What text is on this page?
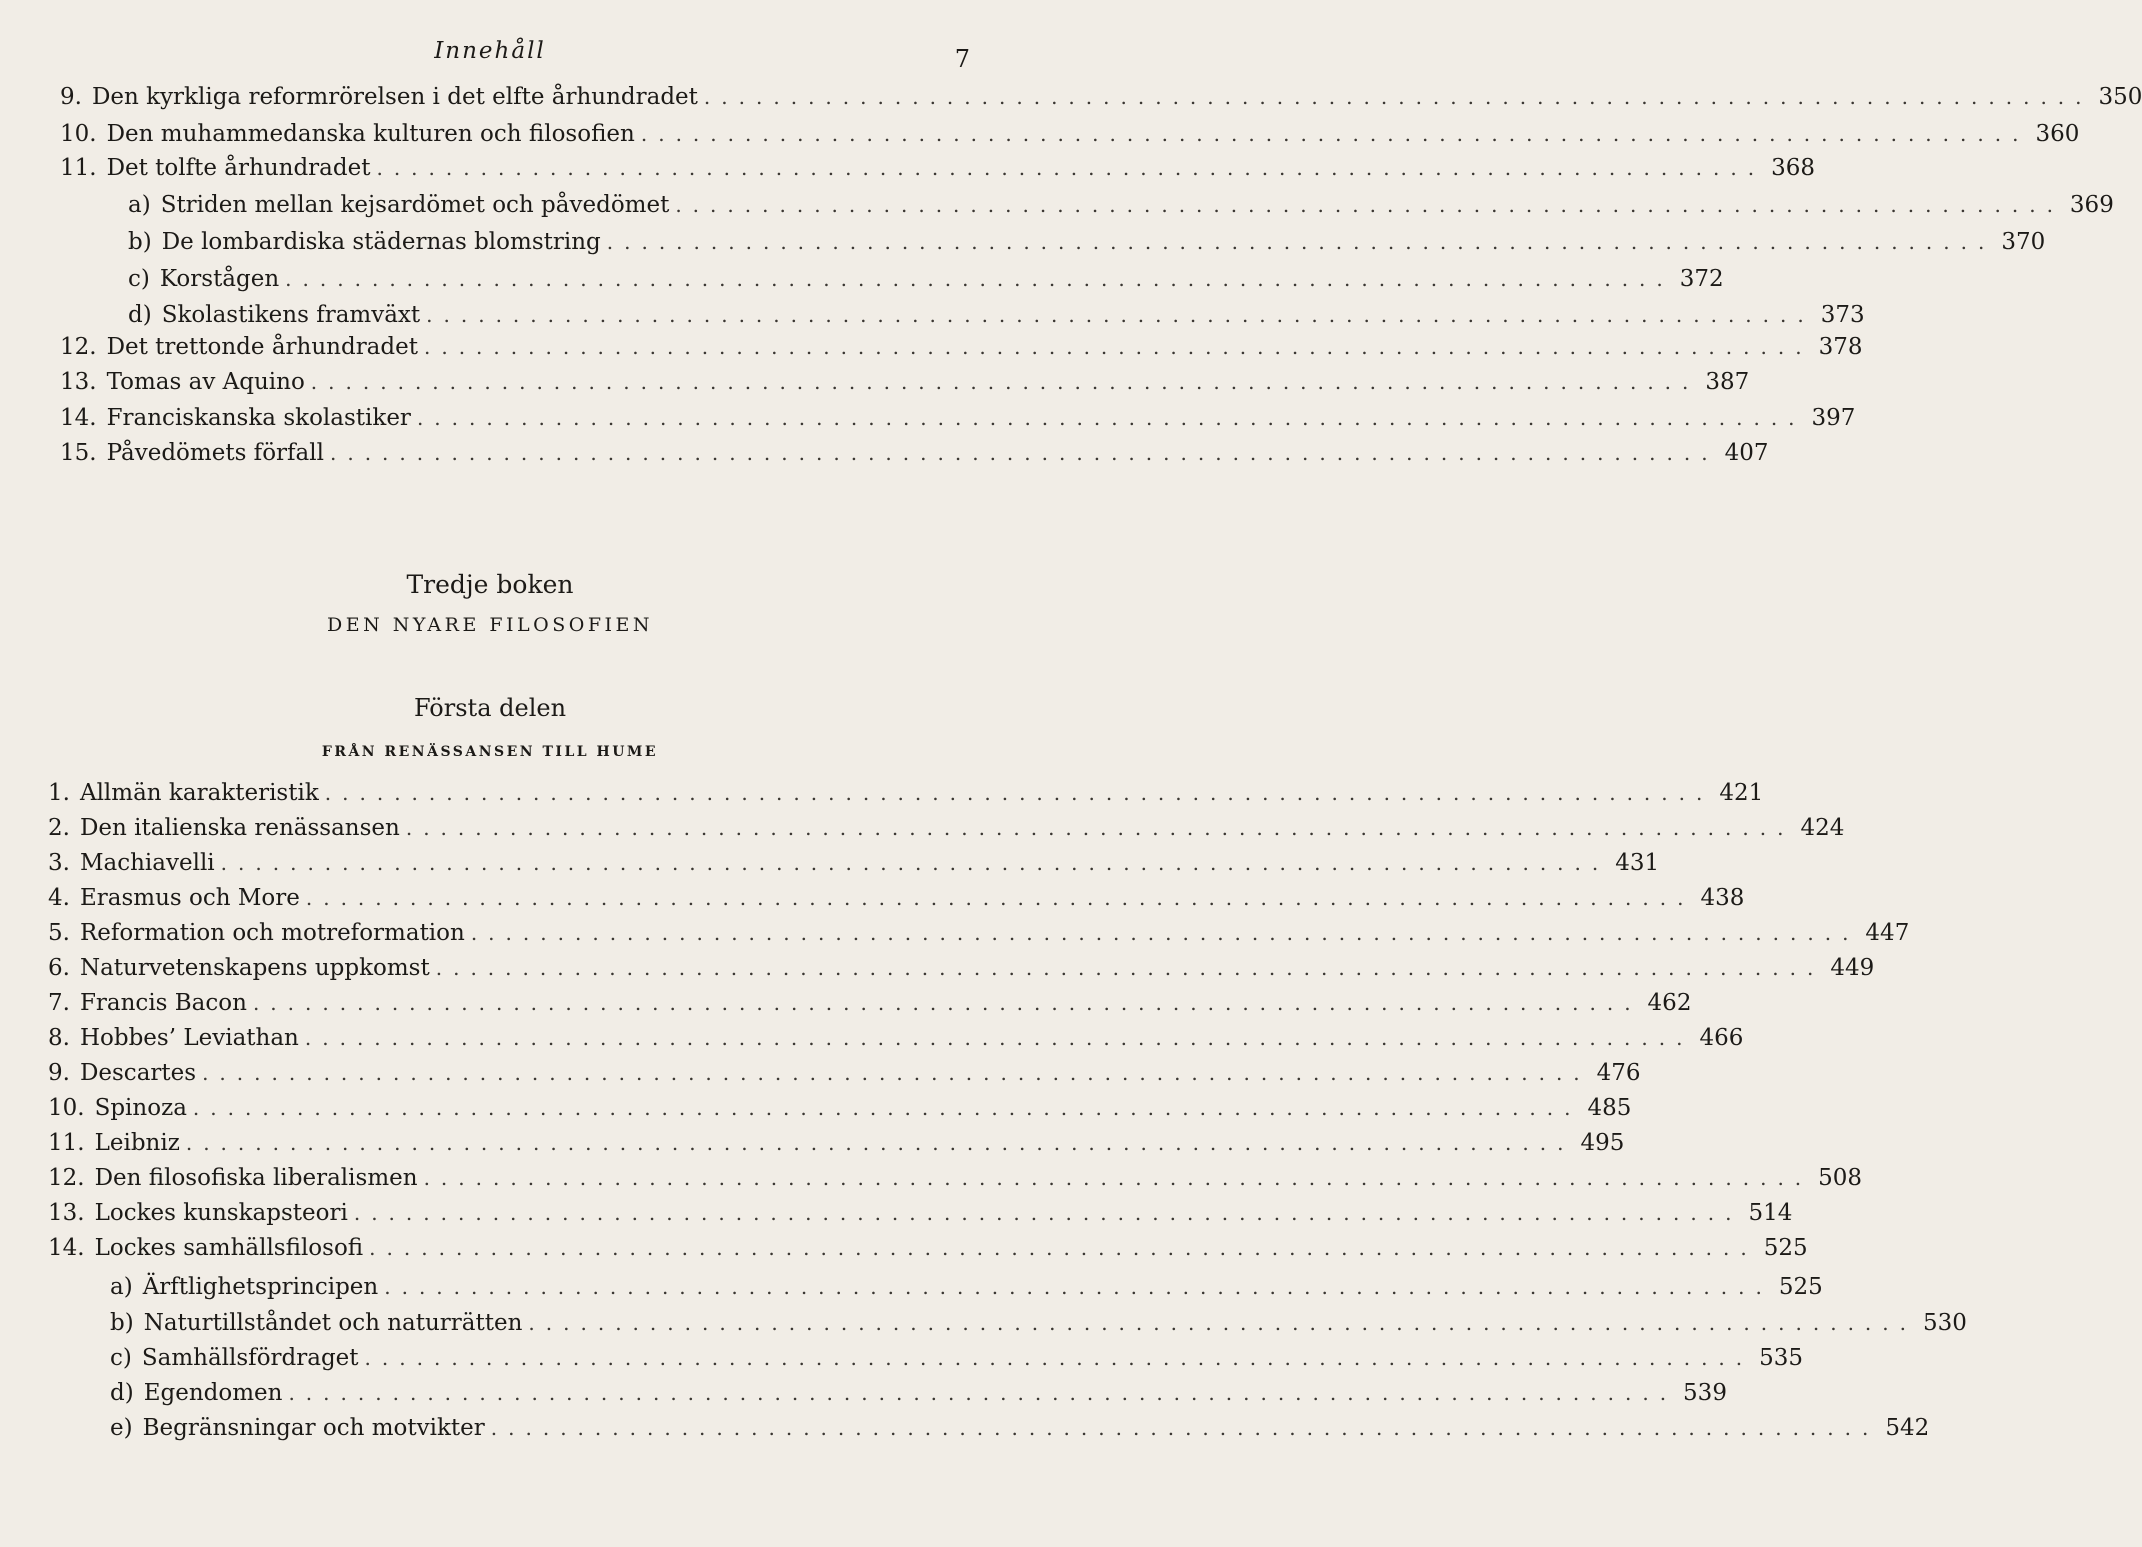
Innehåll	7
9. Den kyrkliga reformrörelsen i det elfte århundradet ................................................................................ 350
10. Den muhammedanska kulturen och filosofien ................................................................................ 360
11. Det tolfte århundradet ................................................................................ 368
a) Striden mellan kejsardömet och påvedömet ................................................................................ 369
b) De lombardiska städernas blomstring ................................................................................ 370
c) Korstågen ................................................................................ 372
d) Skolastikens framväxt ................................................................................ 373
12. Det trettonde århundradet ................................................................................ 378
13. Tomas av Aquino ................................................................................ 387
14. Franciskanska skolastiker ................................................................................ 397
15. Påvedömets förfall ................................................................................ 407
Tredje boken
DEN NYARE FILOSOFIEN
Första delen
FRÅN RENÄSSANSEN TILL HUME
1. Allmän karakteristik ................................................................................ 421
2. Den italienska renässansen ................................................................................ 424
3. Machiavelli ................................................................................ 431
4. Erasmus och More ................................................................................ 438
5. Reformation och motreformation ................................................................................ 447
6. Naturvetenskapens uppkomst ................................................................................ 449
7. Francis Bacon ................................................................................ 462
8. Hobbes’ Leviathan ................................................................................ 466
9. Descartes ................................................................................ 476
10. Spinoza ................................................................................ 485
11. Leibniz ................................................................................ 495
12. Den filosofiska liberalismen ................................................................................ 508
13. Lockes kunskapsteori ................................................................................ 514
14. Lockes samhällsfilosofi ................................................................................ 525
a) Ärftlighetsprincipen ................................................................................ 525
b) Naturtillståndet och naturrätten ................................................................................ 530
c) Samhällsfördraget ................................................................................ 535
d) Egendomen ................................................................................ 539
e) Begränsningar och motvikter ................................................................................ 542
